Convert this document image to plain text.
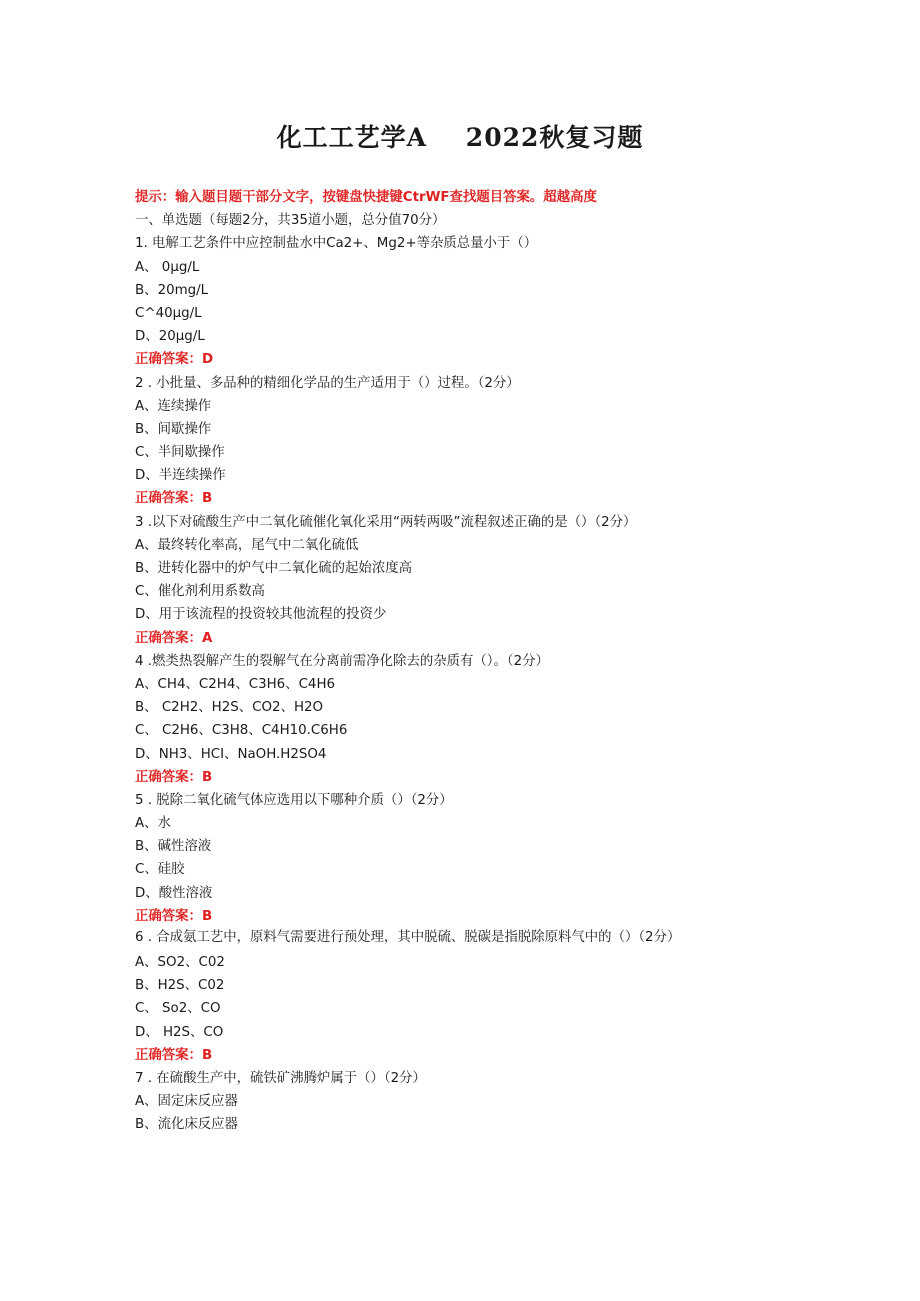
化工工艺学A    2022秋复习题
提示：输入题目题干部分文字，按键盘快捷键CtrWF查找题目答案。超越高度
一、单选题（每题2分，共35道小题，总分值70分）
1. 电解工艺条件中应控制盐水中Ca2+、Mg2+等杂质总量小于（）
A、 0μg∕L
B、20mg∕L
C^40μg∕L
D、20μg∕L
正确答案：D
2 . 小批量、多品种的精细化学品的生产适用于（）过程。（2分）
A、连续操作
B、间歇操作
C、半间歇操作
D、半连续操作
正确答案：B
3 .以下对硫酸生产中二氧化硫催化氧化采用“两转两吸”流程叙述正确的是（）（2分）
A、最终转化率高，尾气中二氧化硫低
B、进转化器中的炉气中二氧化硫的起始浓度高
C、催化剂利用系数高
D、用于该流程的投资较其他流程的投资少
正确答案：A
4 .燃类热裂解产生的裂解气在分离前需净化除去的杂质有（）。（2分）
A、CH4、C2H4、C3H6、C4H6
B、 C2H2、H2S、CO2、H2O
C、 C2H6、C3H8、C4H10.C6H6
D、NH3、HCI、NaOH.H2SO4
正确答案：B
5 . 脱除二氧化硫气体应选用以下哪种介质（）（2分）
A、水
B、碱性溶液
C、硅胶
D、酸性溶液
正确答案：B
6 . 合成氨工艺中，原料气需要进行预处理，其中脱硫、脱碳是指脱除原料气中的（）（2分）
A、SO2、C02
B、H2S、C02
C、 So2、CO
D、 H2S、CO
正确答案：B
7 . 在硫酸生产中，硫铁矿沸腾炉属于（）（2分）
A、固定床反应器
B、流化床反应器
